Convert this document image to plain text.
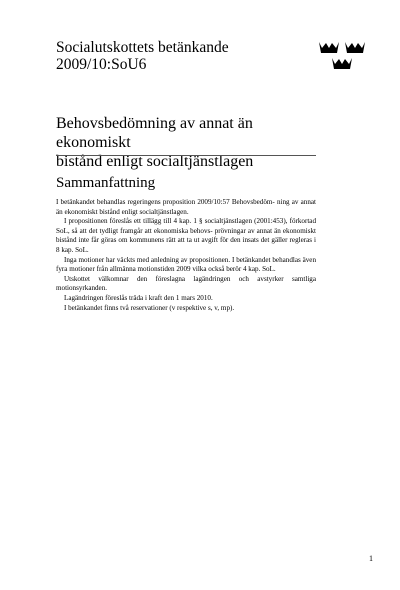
Socialutskottets betänkande
2009/10:SoU6
Behovsbedömning av annat än ekonomiskt
bistånd enligt socialtjänstlagen
Sammanfattning

I betänkandet behandlas regeringens proposition 2009/10:57 Behovsbedöm- ning av annat än ekonomiskt bistånd enligt socialtjänstlagen.

I propositionen föreslås ett tillägg till 4 kap. 1 § socialtjänstlagen (2001:453), förkortad SoL, så att det tydligt framgår att ekonomiska behovs- prövningar av annat än ekonomiskt bistånd inte får göras om kommunens rätt att ta ut avgift för den insats det gäller regleras i 8 kap. SoL.

Inga motioner har väckts med anledning av propositionen. I betänkandet behandlas även fyra motioner från allmänna motionstiden 2009 vilka också berör 4 kap. SoL.

Utskottet välkomnar den föreslagna lagändringen och avstyrker samtliga motionsyrkanden.

Lagändringen föreslås träda i kraft den 1 mars 2010.

I betänkandet finns två reservationer (v respektive s, v, mp).

1
